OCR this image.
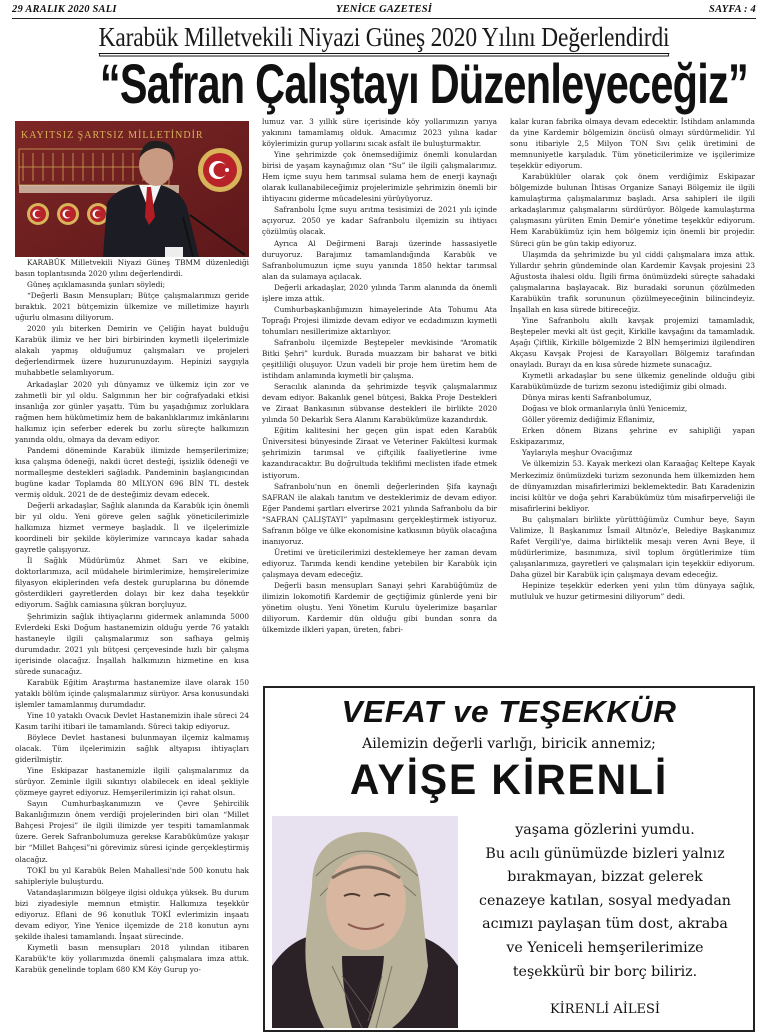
29 ARALIK 2020 SALI	YENİCE GAZETESİ	SAYFA : 4
Karabük Milletvekili Niyazi Güneş 2020 Yılını Değerlendirdi
“Safran Çalıştayı Düzenleyeceğiz”
KAYITSIZ ŞARTSIZ MİLLETİNDİR

KARABÜK Milletvekili Niyazi Güneş TBMM düzenlediği basın toplantısında 2020 yılını değerlendirdi.

Güneş açıklamasında şunları söyledi;

“Değerli Basın Mensupları; Bütçe çalışmalarımızı geride bıraktık. 2021 bütçemizin ülkemize ve milletimize hayırlı uğurlu olmasını diliyorum.

2020 yılı biterken Demirin ve Çeliğin hayat bulduğu Karabük ilimiz ve her biri birbirinden kıymetli ilçelerimizle alakalı yapmış olduğumuz çalışmaları ve projeleri değerlendirmek üzere huzurunuzdayım. Hepinizi saygıyla muhabbetle selamlıyorum.

Arkadaşlar 2020 yılı dünyamız ve ülkemiz için zor ve zahmetli bir yıl oldu. Salgınının her bir coğrafyadaki etkisi insanlığa zor günler yaşattı. Tüm bu yaşadığımız zorluklara rağmen hem hükümetimiz hem de bakanlıklarımız imkânlarını halkımız için seferber ederek bu zorlu süreçte halkımızın yanında oldu, olmaya da devam ediyor.

Pandemi döneminde Karabük ilimizde hemşerilerimize; kısa çalışma ödeneği, nakdi ücret desteği, işsizlik ödeneği ve normalleşme destekleri sağladık. Pandeminin başlangıcından bugüne kadar Toplamda 80 MİLYON 696 BİN TL destek vermiş olduk. 2021 de de desteğimiz devam edecek.

Değerli arkadaşlar, Sağlık alanında da Karabük için önemli bir yıl oldu. Yeni göreve gelen sağlık yöneticilerimizle halkımıza hizmet vermeye başladık. İl ve ilçelerimizle koordineli bir şekilde köylerimize varıncaya kadar sahada gayretle çalışıyoruz.

İl Sağlık Müdürümüz Ahmet Sarı ve ekibine, doktorlarımıza, acil müdahele birimlerimize, hemşirelerimize filyasyon ekiplerinden vefa destek guruplarına bu dönemde gösterdikleri gayretlerden dolayı bir kez daha teşekkür ediyorum. Sağlık camiasına şükran borçluyuz.

Şehrimizin sağlık ihtiyaçlarını gidermek anlamında 5000 Evlerdeki Eski Doğum hastanemizin olduğu yerde 76 yataklı hastaneyle ilgili çalışmalarımız son safhaya gelmiş durumdadır. 2021 yılı bütçesi çerçevesinde hızlı bir çalışma içerisinde olacağız. İnşallah halkımızın hizmetine en kısa sürede sunacağız.

Karabük Eğitim Araştırma hastanemize ilave olarak 150 yataklı bölüm içinde çalışmalarımız sürüyor. Arsa konusundaki işlemler tamamlanmış durumdadır.

Yine 10 yataklı Ovacık Devlet Hastanemizin ihale süreci 24 Kasım tarihi itibari ile tamamlandı. Süreci takip ediyoruz.

Böylece Devlet hastanesi bulunmayan ilçemiz kalmamış olacak. Tüm ilçelerimizin sağlık altyapısı ihtiyaçları giderilmiştir.

Yine Eskipazar hastanemizle ilgili çalışmalarımız da sürüyor. Zeminle ilgili sıkıntıyı olabilecek en ideal şekliyle çözmeye gayret ediyoruz. Hemşerilerimizin içi rahat olsun.

Sayın Cumhurbaşkanımızın ve Çevre Şehircilik Bakanlığımızın önem verdiği projelerinden biri olan “Millet Bahçesi Projesi” ile ilgili ilimizde yer tespiti tamamlanmak üzere. Gerek Safranbolumuza gerekse Karabükümüze yakışır bir “Millet Bahçesi”ni görevimiz süresi içinde gerçekleştirmiş olacağız.

TOKİ bu yıl Karabük Belen Mahallesi'nde 500 konutu hak sahipleriyle buluşturdu.

Vatandaşlarımızın bölgeye ilgisi oldukça yüksek. Bu durum bizi ziyadesiyle memnun etmiştir. Halkımıza teşekkür ediyoruz. Eflani de 96 konutluk TOKİ evlerimizin inşaatı devam ediyor, Yine Yenice ilçemizde de 218 konutun aynı şekilde ihalesi tamamlandı. İnşaat sürecinde.

Kıymetli basın mensupları 2018 yılından itibaren Karabük'te köy yollarımızda önemli çalışmalara imza attık. Karabük genelinde toplam 680 KM Köy Gurup yo-

lumuz var. 3 yıllık süre içerisinde köy yollarımızın yarıya yakınını tamamlamış olduk. Amacımız 2023 yılına kadar köylerimizin gurup yollarını sıcak asfalt ile buluşturmaktır.

Yine şehrimizde çok önemsediğimiz önemli konulardan birisi de yaşam kaynağımız olan “Su” ile ilgili çalışmalarımız. Hem içme suyu hem tarımsal sulama hem de enerji kaynağı olarak kullanabileceğimiz projelerimizle şehrimizin önemli bir ihtiyacını giderme mücadelesini yürüyüyoruz.

Safranbolu İçme suyu arıtma tesisimizi de 2021 yılı içinde açıyoruz. 2050 ye kadar Safranbolu ilçemizin su ihtiyacı çözülmüş olacak.

Ayrıca Al Değirmeni Barajı üzerinde hassasiyetle duruyoruz. Barajımız tamamlandığında Karabük ve Safranbolumuzun içme suyu yanında 1850 hektar tarımsal alan da sulamaya açılacak.

Değerli arkadaşlar, 2020 yılında Tarım alanında da önemli işlere imza attık.

Cumhurbaşkanlığımızın himayelerinde Ata Tohumu Ata Toprağı Projesi ilimizde devam ediyor ve ecdadımızın kıymetli tohumları nesillerimize aktarılıyor.

Safranbolu ilçemizde Beştepeler mevkisinde “Aromatik Bitki Şehri” kurduk. Burada muazzam bir baharat ve bitki çeşitliliği oluşuyor. Uzun vadeli bir proje hem üretim hem de istihdam anlamında kıymetli bir çalışma.

Seracılık alanında da şehrimizde teşvik çalışmalarımız devam ediyor. Bakanlık genel bütçesi, Bakka Proje Destekleri ve Ziraat Bankasının sübvanse destekleri ile birlikte 2020 yılında 50 Dekarlık Sera Alanını Karabükümüze kazandırdık.

Eğitim kalitesini her geçen gün ispat eden Karabük Üniversitesi bünyesinde Ziraat ve Veteriner Fakültesi kurmak şehrimizin tarımsal ve çiftçilik faaliyetlerine ivme kazandıracaktır. Bu doğrultuda teklifimi meclisten ifade etmek istiyorum.

Safranbolu'nun en önemli değerlerinden Şifa kaynağı SAFRAN ile alakalı tanıtım ve desteklerimiz de devam ediyor. Eğer Pandemi şartları elverirse 2021 yılında Safranbolu da bir “SAFRAN ÇALIŞTAYI” yapılmasını gerçekleştirmek istiyoruz. Safranın bölge ve ülke ekonomisine katkısının büyük olacağına inanıyoruz.

Üretimi ve üreticilerimizi desteklemeye her zaman devam ediyoruz. Tarımda kendi kendine yetebilen bir Karabük için çalışmaya devam edeceğiz.

Değerli basın mensupları Sanayi şehri Karabüğümüz de ilimizin lokomotifi Kardemir de geçtiğimiz günlerde yeni bir yönetim oluştu. Yeni Yönetim Kurulu üyelerimize başarılar diliyorum. Kardemir dün olduğu gibi bundan sonra da ülkemizde ilkleri yapan, üreten, fabri-

kalar kuran fabrika olmaya devam edecektir. İstihdam anlamında da yine Kardemir bölgemizin öncüsü olmayı sürdürmelidir. Yıl sonu itibariyle 2,5 Milyon TON Sıvı çelik üretimini de memnuniyetle karşıladık. Tüm yöneticilerimize ve işçilerimize teşekkür ediyorum.

Karabüklüler olarak çok önem verdiğimiz Eskipazar bölgemizde bulunan İhtisas Organize Sanayi Bölgemiz ile ilgili kamulaştırma çalışmalarımız başladı. Arsa sahipleri ile ilgili arkadaşlarımız çalışmalarını sürdürüyor. Bölgede kamulaştırma çalışmasını yürüten Emin Demir'e yönetime teşekkür ediyorum. Hem Karabükümüz için hem bölgemiz için önemli bir projedir. Süreci gün be gün takip ediyoruz.

Ulaşımda da şehrimizde bu yıl ciddi çalışmalara imza attık. Yıllardır şehrin gündeminde olan Kardemir Kavşak projesini 23 Ağustosta ihalesi oldu. İlgili firma önümüzdeki süreçte sahadaki çalışmalarına başlayacak. Biz buradaki sorunun çözülmeden Karabükün trafik sorununun çözülmeyeceğinin bilincindeyiz. İnşallah en kısa sürede bitireceğiz.

Yine Safranbolu akıllı kavşak projemizi tamamladık, Beştepeler mevki alt üst geçit, Kirkille kavşağını da tamamladık. Aşağı Çiftlik, Kirkille bölgemizde 2 BİN hemşerimizi ilgilendiren Akçasu Kavşak Projesi de Karayolları Bölgemiz tarafından onayladı. Burayı da en kısa sürede hizmete sunacağız.

Kıymetli arkadaşlar bu sene ülkemiz genelinde olduğu gibi Karabükümüzde de turizm sezonu istediğimiz gibi olmadı.

Dünya miras kenti Safranbolumuz,

Doğası ve blok ormanlarıyla ünlü Yenicemiz,

Göller yöremiz dediğimiz Eflanimiz,

Erken dönem Bizans şehrine ev sahipliği yapan Eskipazarımız,

Yaylarıyla meşhur Ovacığımız

Ve ülkemizin 53. Kayak merkezi olan Karaağaç Keltepe Kayak Merkezimiz önümüzdeki turizm sezonunda hem ülkemizden hem de dünyamızdan misafirlerimizi beklemektedir. Batı Karadenizin incisi kültür ve doğa şehri Karabükümüz tüm misafirperveliği ile misafirlerini bekliyor.

Bu çalışmaları birlikte yürüttüğümüz Cumhur beye, Sayın Valimize, İl Başkanımız İsmail Altınöz'e, Belediye Başkanımız Rafet Vergili'ye, daima birliktelik mesajı veren Avni Beye, il müdürlerimize, basınımıza, sivil toplum örgütlerimize tüm çalışanlarımıza, gayretleri ve çalışmaları için teşekkür ediyorum. Daha güzel bir Karabük için çalışmaya devam edeceğiz.

Hepinize teşekkür ederken yeni yılın tüm dünyaya sağlık, mutluluk ve huzur getirmesini diliyorum” dedi.

VEFAT ve TEŞEKKÜR
Ailemizin değerli varlığı, biricik annemiz;
AYİŞE KİRENLİ
yaşama gözlerini yumdu.
Bu acılı günümüzde bizleri yalnız
bırakmayan, bizzat gelerek
cenazeye katılan, sosyal medyadan
acımızı paylaşan tüm dost, akraba
ve Yeniceli hemşerilerimize
teşekkürü bir borç biliriz.
KİRENLİ AİLESİ
